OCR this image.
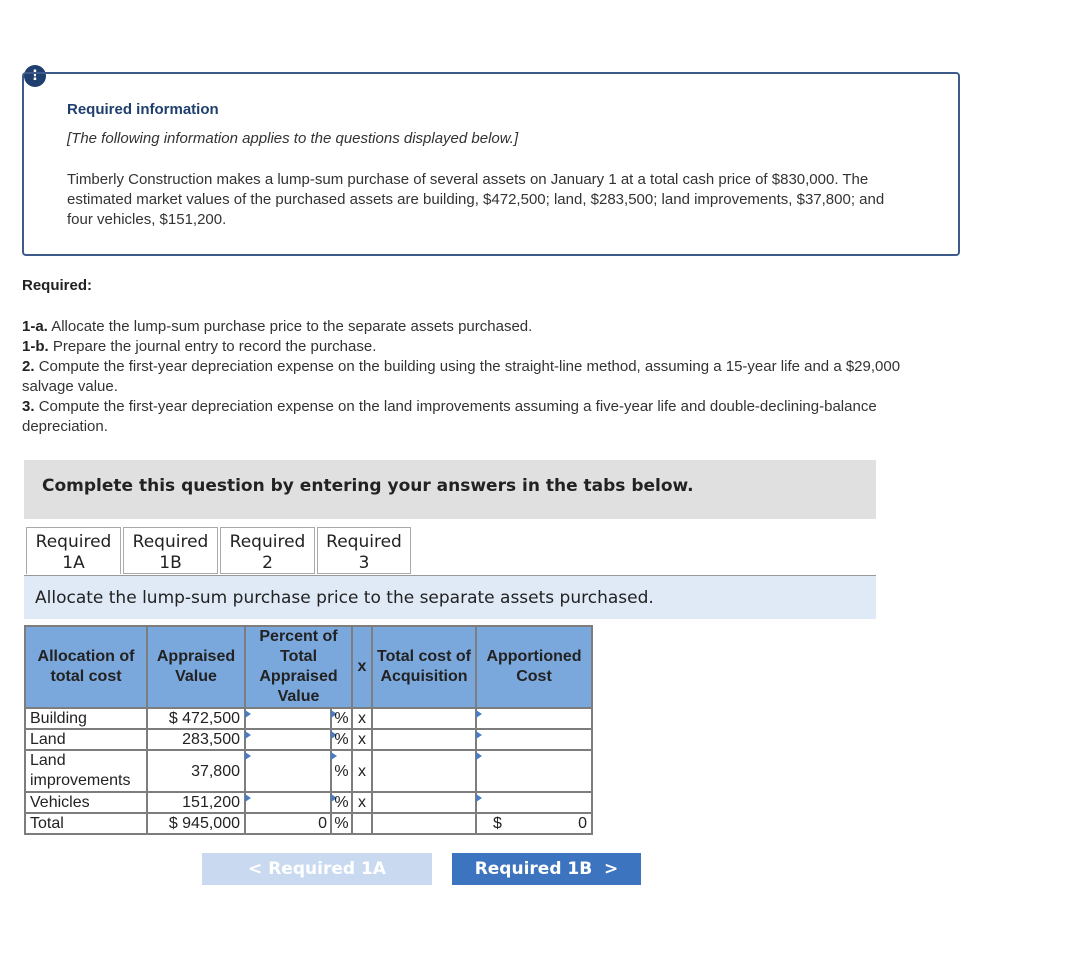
!
Required information
[The following information applies to the questions displayed below.]
Timberly Construction makes a lump-sum purchase of several assets on January 1 at a total cash price of $830,000. The estimated market values of the purchased assets are building, $472,500; land, $283,500; land improvements, $37,800; and four vehicles, $151,200.
Required:
1-a. Allocate the lump-sum purchase price to the separate assets purchased.
1-b. Prepare the journal entry to record the purchase.
2. Compute the first-year depreciation expense on the building using the straight-line method, assuming a 15-year life and a $29,000 salvage value.
3. Compute the first-year depreciation expense on the land improvements assuming a five-year life and double-declining-balance depreciation.
Complete this question by entering your answers in the tabs below.
Required
1A
Required
1B
Required
2
Required
3
Allocate the lump-sum purchase price to the separate assets purchased.
Allocation of total cost	Appraised Value	Percent of Total Appraised Value		x	Total cost of Acquisition	Apportioned Cost
Building	$ 472,500		%	x		
Land	283,500		%	x		
Land improvements	37,800		%	x		
Vehicles	151,200		%	x		
Total	$ 945,000	0	%			$ 0
< Required 1A	Required 1B >
